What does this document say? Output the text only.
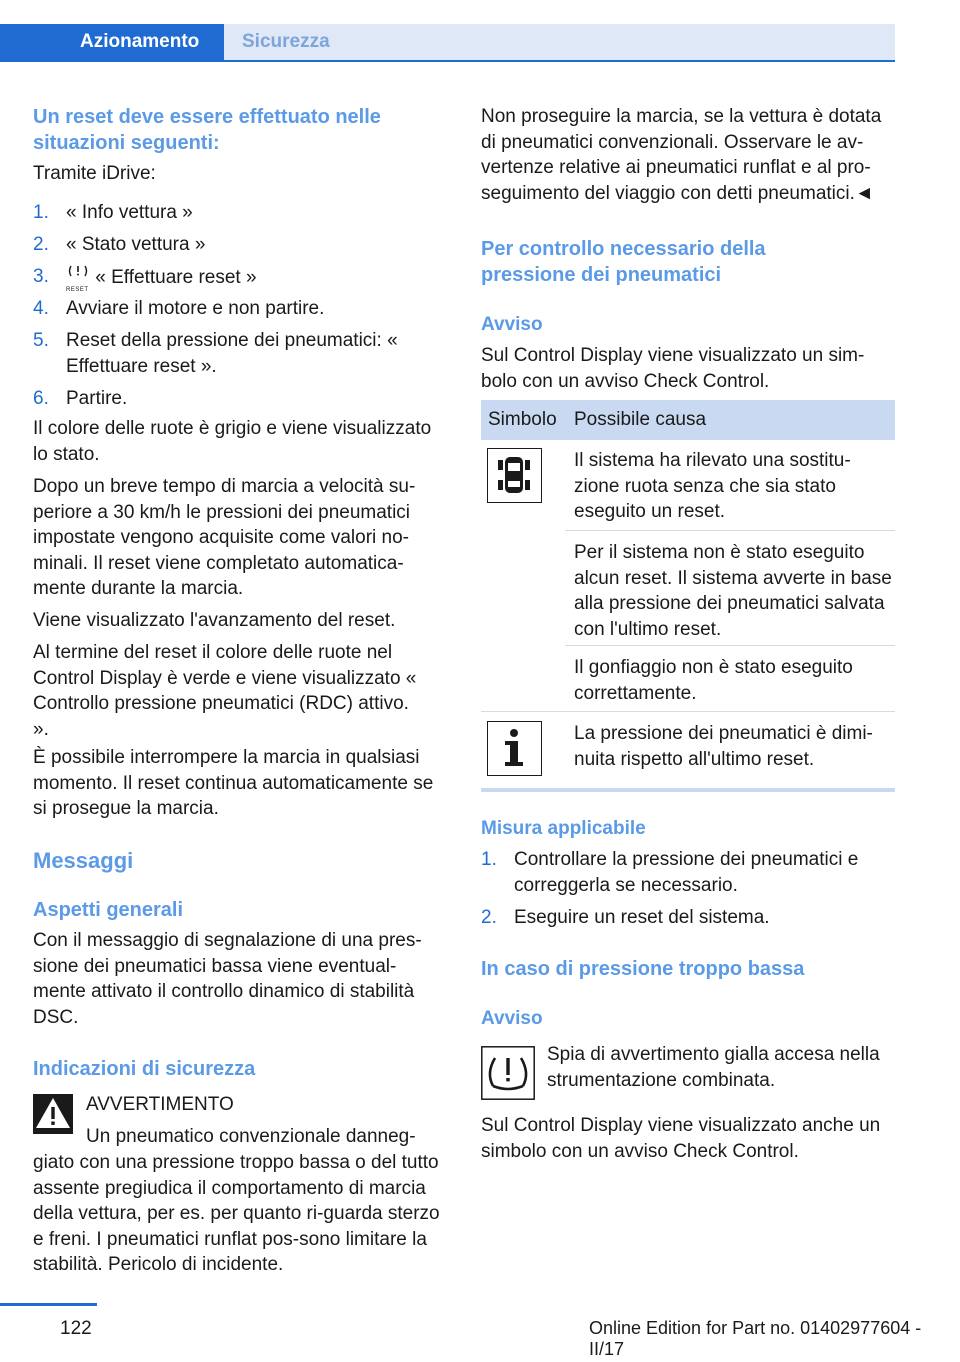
Azionamento	Sicurezza
Un reset deve essere effettuato nelle situazioni seguenti:
Tramite iDrive:
1. « Info vettura »
2. « Stato vettura »
3.
RESET
« Effettuare reset »
4. Avviare il motore e non partire.
5. Reset della pressione dei pneumatici: « Effettuare reset ».
6. Partire.
Il colore delle ruote è grigio e viene visualizzato lo stato.
Dopo un breve tempo di marcia a velocità su-periore a 30 km/h le pressioni dei pneumatici impostate vengono acquisite come valori no-minali. Il reset viene completato automatica-mente durante la marcia.
Viene visualizzato l'avanzamento del reset.
Al termine del reset il colore delle ruote nel Control Display è verde e viene visualizzato « Controllo pressione pneumatici (RDC) attivo. ».
È possibile interrompere la marcia in qualsiasi momento. Il reset continua automaticamente se si prosegue la marcia.
Messaggi
Aspetti generali
Con il messaggio di segnalazione di una pres-sione dei pneumatici bassa viene eventual-mente attivato il controllo dinamico di stabilità DSC.
Indicazioni di sicurezza
AVVERTIMENTO
Un pneumatico convenzionale danneg-
giato con una pressione troppo bassa o del tutto assente pregiudica il comportamento di marcia della vettura, per es. per quanto ri-guarda sterzo e freni. I pneumatici runflat pos-sono limitare la stabilità. Pericolo di incidente.
Non proseguire la marcia, se la vettura è dotata di pneumatici convenzionali. Osservare le av-vertenze relative ai pneumatici runflat e al pro-seguimento del viaggio con detti pneumatici.◄
Per controllo necessario della pressione dei pneumatici
Avviso
Sul Control Display viene visualizzato un sim-bolo con un avviso Check Control.
Simbolo Possibile causa
Il sistema ha rilevato una sostitu-zione ruota senza che sia stato eseguito un reset.
Per il sistema non è stato eseguito alcun reset. Il sistema avverte in base alla pressione dei pneumatici salvata con l'ultimo reset.
Il gonfiaggio non è stato eseguito correttamente.
La pressione dei pneumatici è dimi-nuita rispetto all'ultimo reset.
Misura applicabile
1. Controllare la pressione dei pneumatici e correggerla se necessario.
2. Eseguire un reset del sistema.
In caso di pressione troppo bassa
Avviso
Spia di avvertimento gialla accesa nella strumentazione combinata.
Sul Control Display viene visualizzato anche un simbolo con un avviso Check Control.
122	Online Edition for Part no. 01402977604 - II/17
